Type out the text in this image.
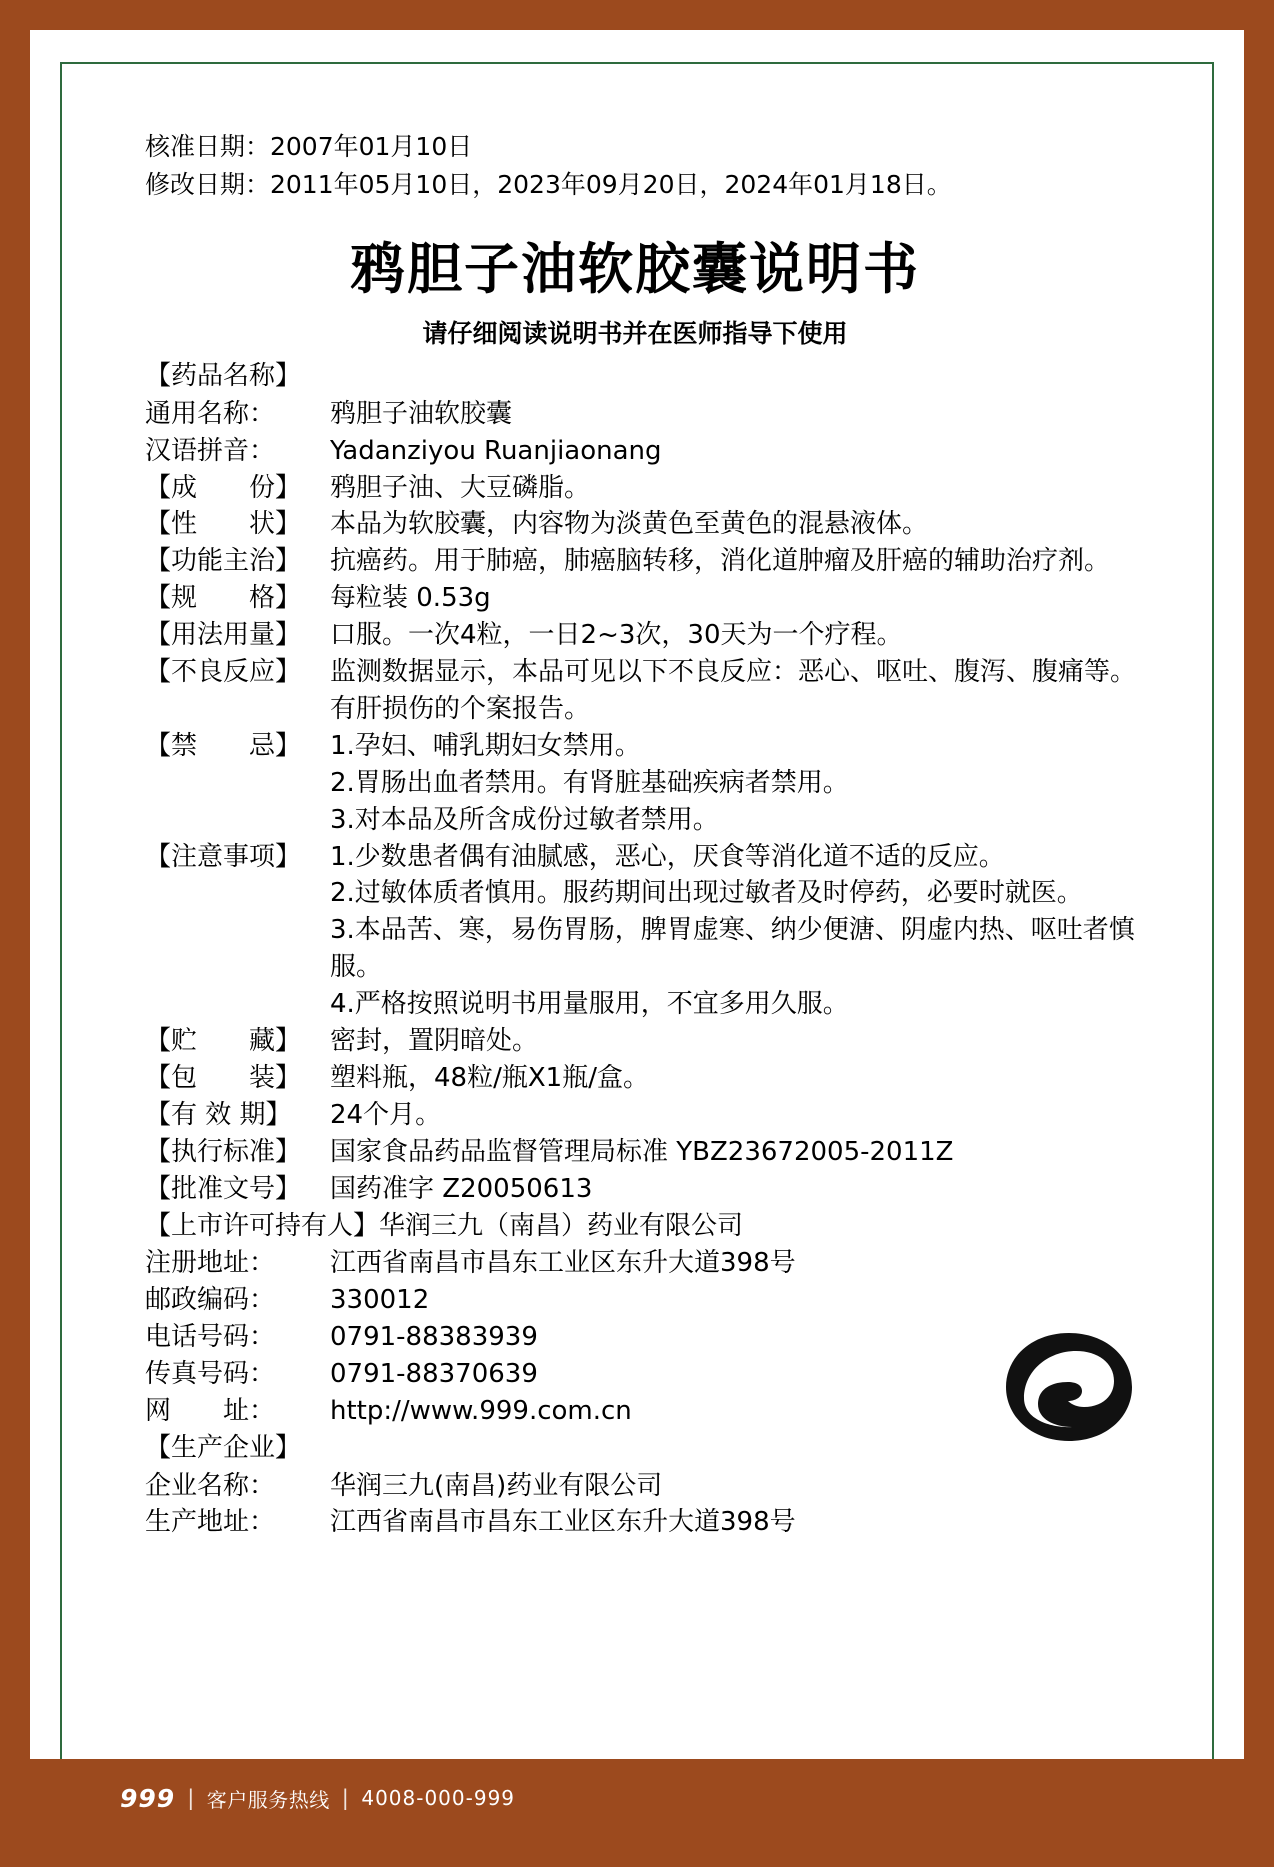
核准日期：2007年01月10日
修改日期：2011年05月10日，2023年09月20日，2024年01月18日。
鸦胆子油软胶囊说明书
请仔细阅读说明书并在医师指导下使用
【药品名称】
通用名称：	鸦胆子油软胶囊
汉语拼音：	Yadanziyou Ruanjiaonang
【成　　份】	鸦胆子油、大豆磷脂。
【性　　状】	本品为软胶囊，内容物为淡黄色至黄色的混悬液体。
【功能主治】	抗癌药。用于肺癌，肺癌脑转移，消化道肿瘤及肝癌的辅助治疗剂。
【规　　格】	每粒装 0.53g
【用法用量】	口服。一次4粒，一日2~3次，30天为一个疗程。
【不良反应】	监测数据显示，本品可见以下不良反应：恶心、呕吐、腹泻、腹痛等。有肝损伤的个案报告。
【禁　　忌】	1.孕妇、哺乳期妇女禁用。

2.胃肠出血者禁用。有肾脏基础疾病者禁用。

3.对本品及所含成份过敏者禁用。

【注意事项】	1.少数患者偶有油腻感，恶心，厌食等消化道不适的反应。

2.过敏体质者慎用。服药期间出现过敏者及时停药，必要时就医。

3.本品苦、寒，易伤胃肠，脾胃虚寒、纳少便溏、阴虚内热、呕吐者慎服。

4.严格按照说明书用量服用，不宜多用久服。

【贮　　藏】	密封，置阴暗处。
【包　　装】	塑料瓶，48粒/瓶X1瓶/盒。
【有 效 期】	24个月。
【执行标准】	国家食品药品监督管理局标准 YBZ23672005-2011Z
【批准文号】	国药准字 Z20050613
【上市许可持有人】华润三九（南昌）药业有限公司
注册地址：	江西省南昌市昌东工业区东升大道398号
邮政编码：	330012
电话号码：	0791-88383939
传真号码：	0791-88370639
网　　址：	http://www.999.com.cn
【生产企业】
企业名称：	华润三九(南昌)药业有限公司
生产地址：	江西省南昌市昌东工业区东升大道398号
999 | 客户服务热线 | 4008-000-999
